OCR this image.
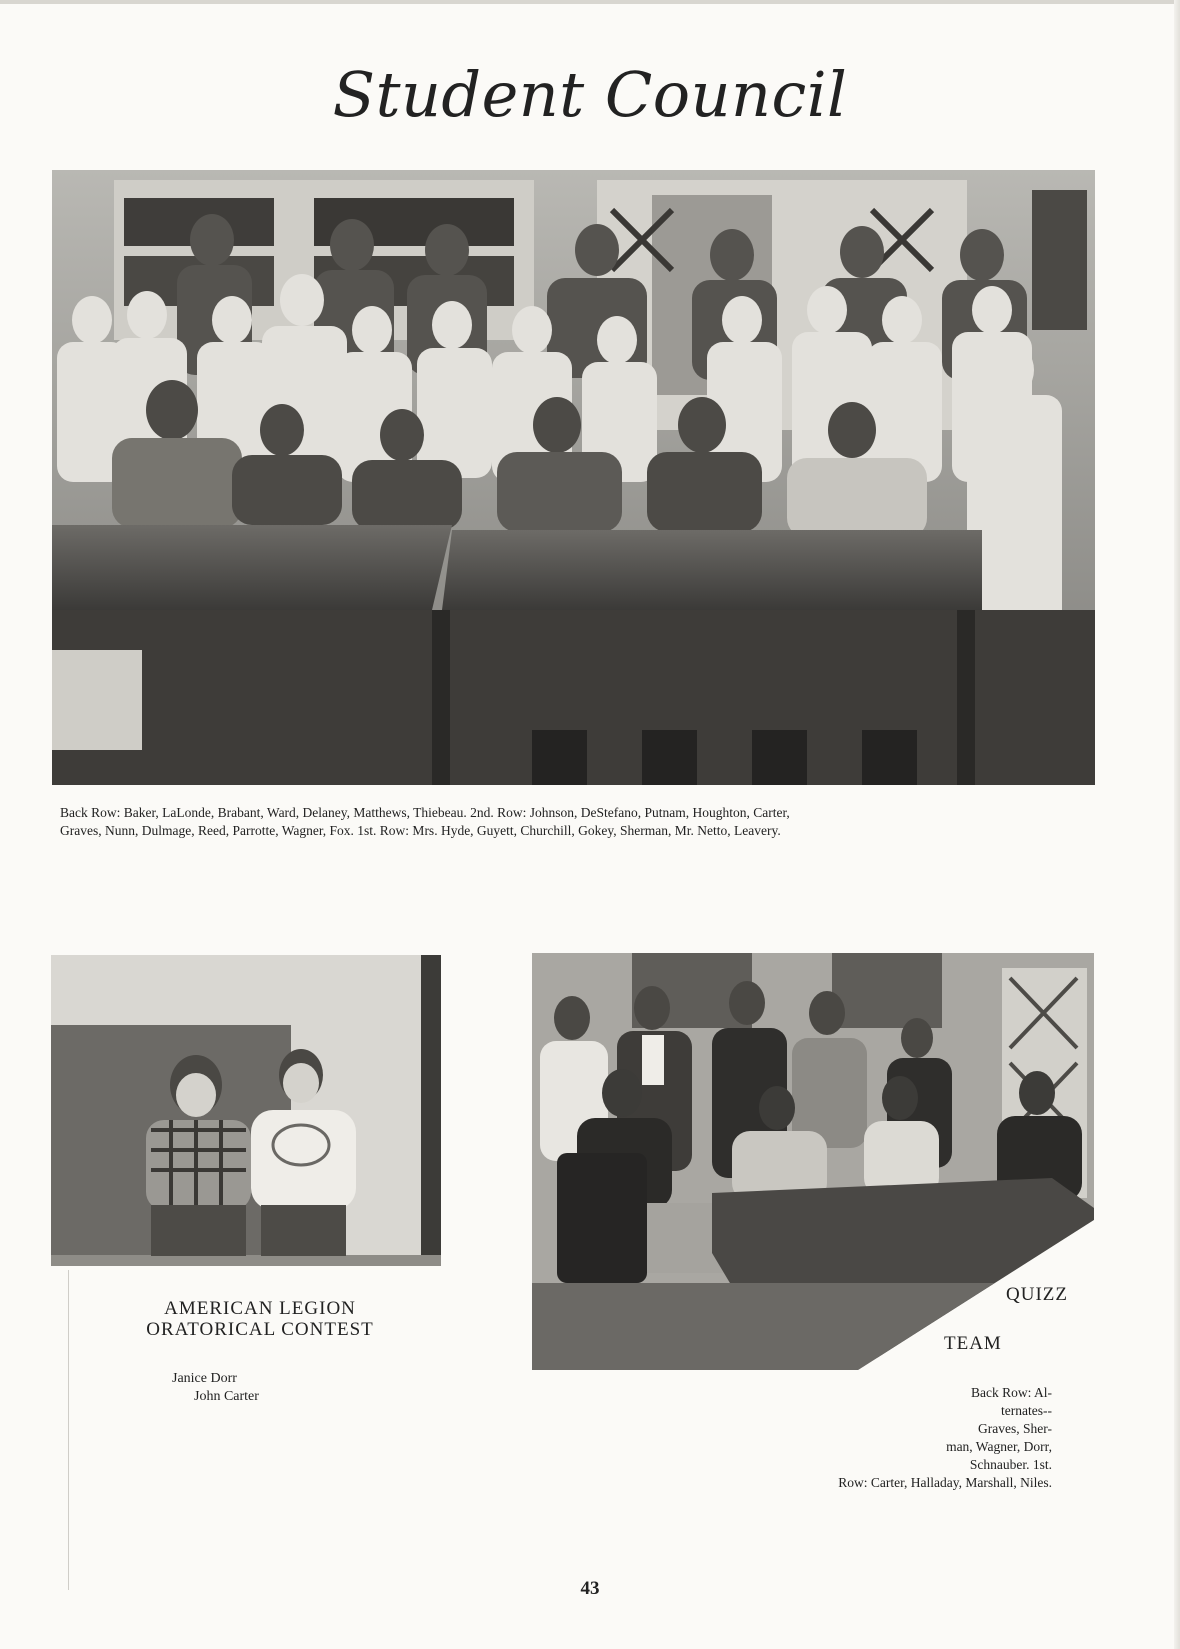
Student Council
Back Row: Baker, LaLonde, Brabant, Ward, Delaney, Matthews, Thiebeau. 2nd. Row: Johnson, DeStefano, Putnam, Houghton, Carter,
Graves, Nunn, Dulmage, Reed, Parrotte, Wagner, Fox. 1st. Row: Mrs. Hyde, Guyett, Churchill, Gokey, Sherman, Mr. Netto, Leavery.
AMERICAN LEGION
ORATORICAL CONTEST
Janice Dorr
John Carter
QUIZZ
TEAM
Back Row: Al-
ternates--
Graves, Sher-
man, Wagner, Dorr,
Schnauber. 1st.
Row: Carter, Halladay, Marshall, Niles.
43
